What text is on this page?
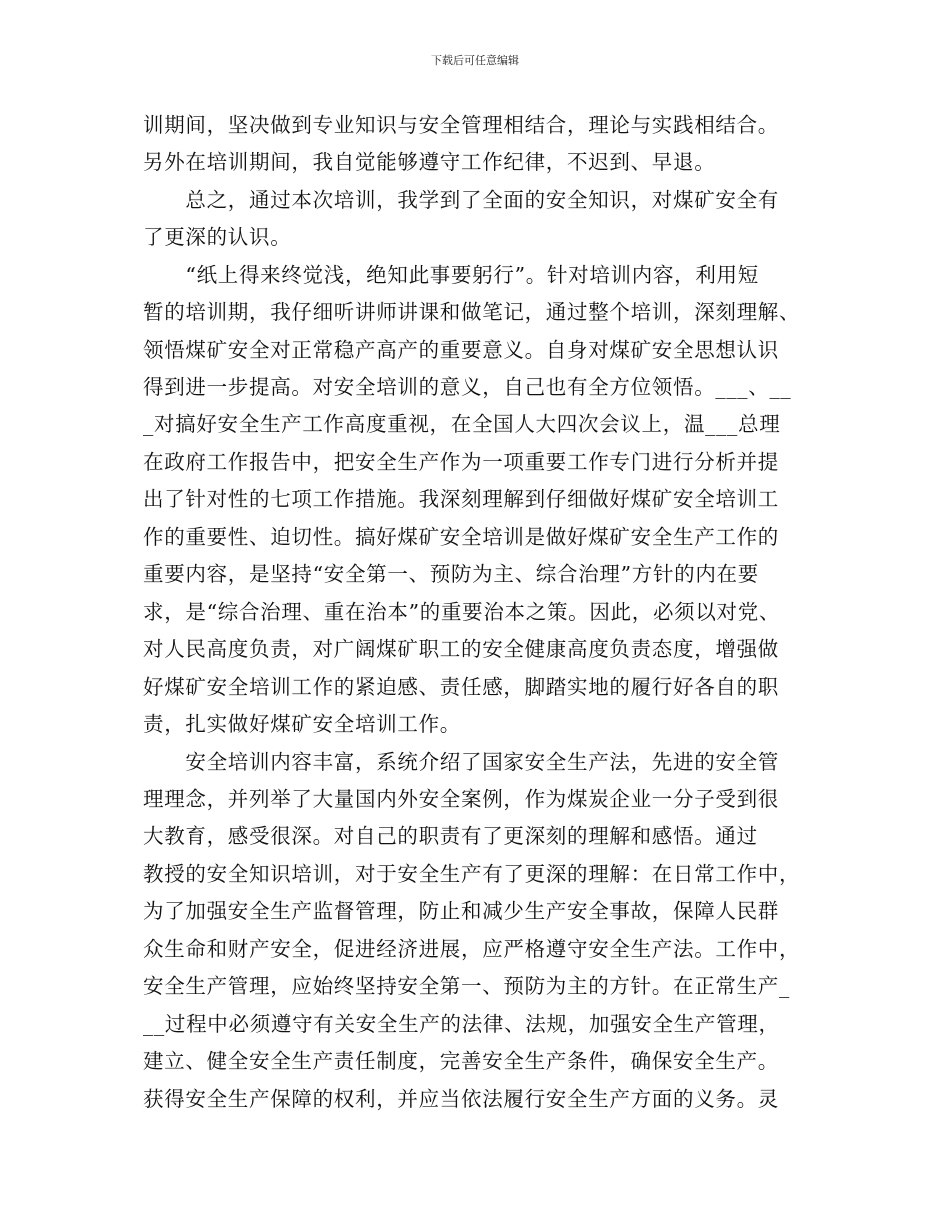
下载后可任意编辑
训期间，坚决做到专业知识与安全管理相结合，理论与实践相结合。
另外在培训期间，我自觉能够遵守工作纪律，不迟到、早退。
　　总之，通过本次培训，我学到了全面的安全知识，对煤矿安全有
了更深的认识。
　　“纸上得来终觉浅，绝知此事要躬行”。针对培训内容，利用短
暂的培训期，我仔细听讲师讲课和做笔记，通过整个培训，深刻理解、
领悟煤矿安全对正常稳产高产的重要意义。自身对煤矿安全思想认识
得到进一步提高。对安全培训的意义，自己也有全方位领悟。___、__
_对搞好安全生产工作高度重视，在全国人大四次会议上，温___总理
在政府工作报告中，把安全生产作为一项重要工作专门进行分析并提
出了针对性的七项工作措施。我深刻理解到仔细做好煤矿安全培训工
作的重要性、迫切性。搞好煤矿安全培训是做好煤矿安全生产工作的
重要内容，是坚持“安全第一、预防为主、综合治理”方针的内在要
求，是“综合治理、重在治本”的重要治本之策。因此，必须以对党、
对人民高度负责，对广阔煤矿职工的安全健康高度负责态度，增强做
好煤矿安全培训工作的紧迫感、责任感，脚踏实地的履行好各自的职
责，扎实做好煤矿安全培训工作。
　　安全培训内容丰富，系统介绍了国家安全生产法，先进的安全管
理理念，并列举了大量国内外安全案例，作为煤炭企业一分子受到很
大教育，感受很深。对自己的职责有了更深刻的理解和感悟。通过
教授的安全知识培训，对于安全生产有了更深的理解：在日常工作中，
为了加强安全生产监督管理，防止和减少生产安全事故，保障人民群
众生命和财产安全，促进经济进展，应严格遵守安全生产法。工作中，
安全生产管理，应始终坚持安全第一、预防为主的方针。在正常生产_
__过程中必须遵守有关安全生产的法律、法规，加强安全生产管理，
建立、健全安全生产责任制度，完善安全生产条件，确保安全生产。
获得安全生产保障的权利，并应当依法履行安全生产方面的义务。灵
